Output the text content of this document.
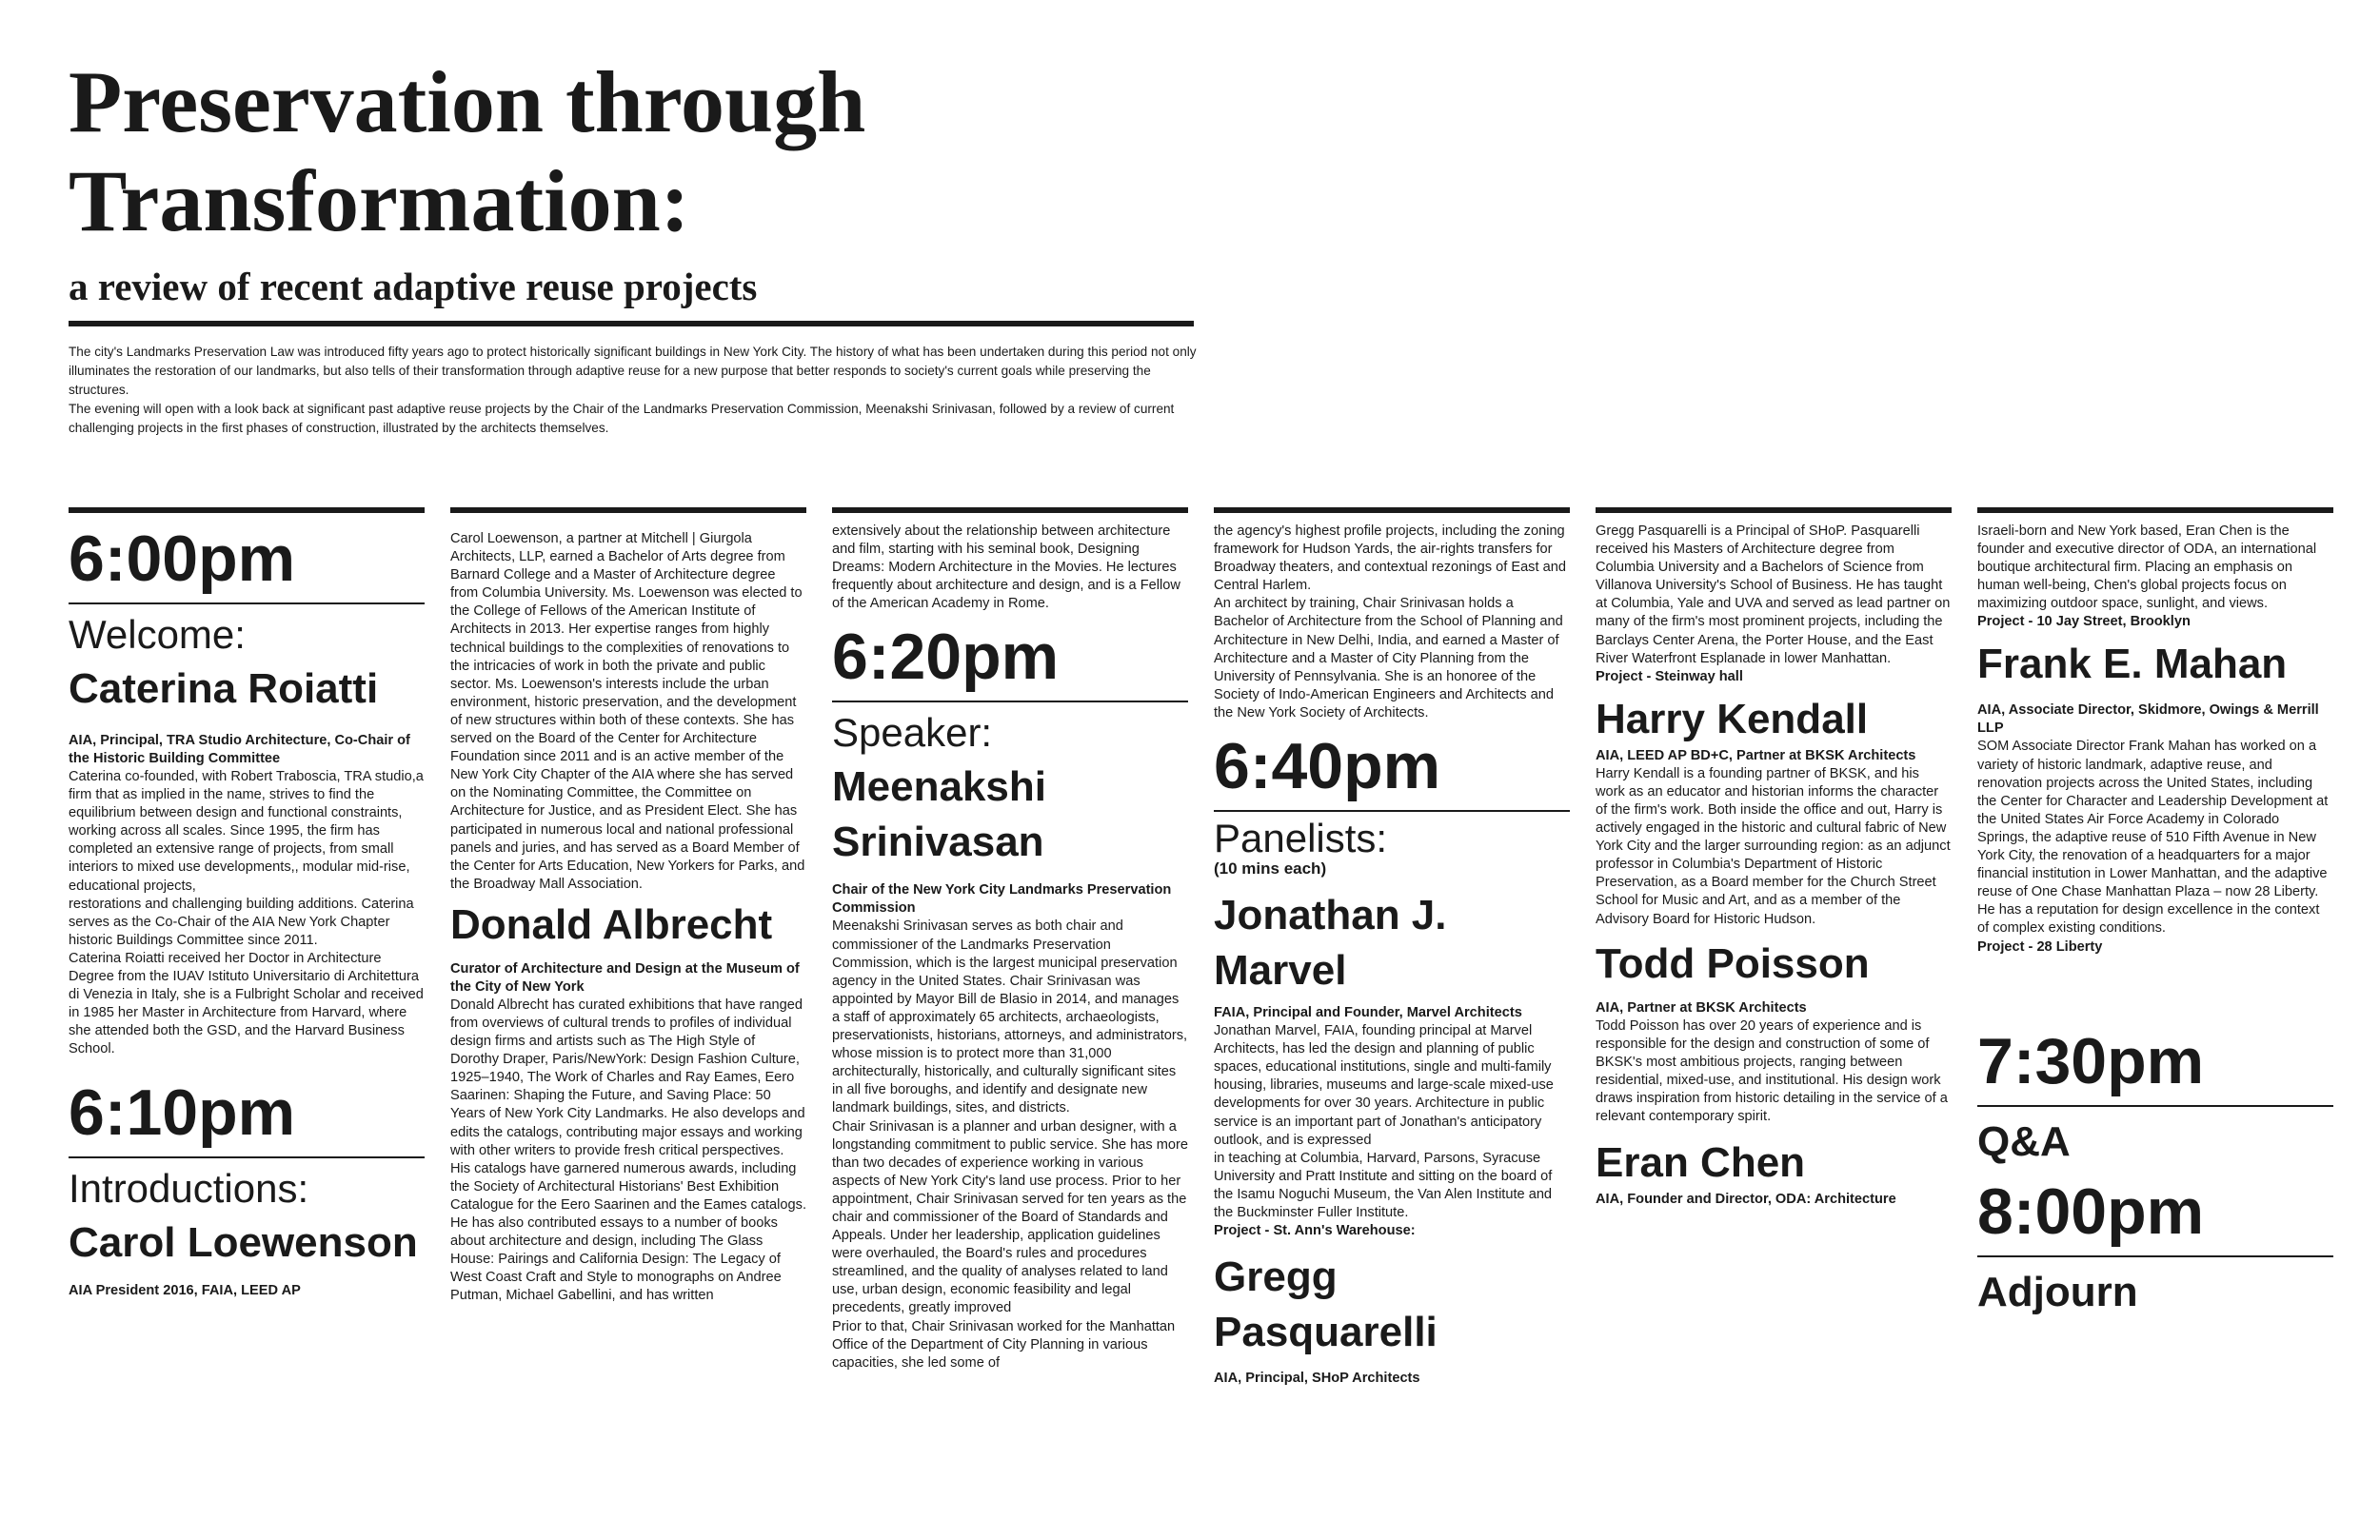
Preservation through Transformation:
a review of recent adaptive reuse projects

The city's Landmarks Preservation Law was introduced fifty years ago to protect historically significant buildings in New York City. The history of what has been undertaken during this period not only illuminates the restoration of our landmarks, but also tells of their transformation through adaptive reuse for a new purpose that better responds to society's current goals while preserving the structures.

The evening will open with a look back at significant past adaptive reuse projects by the Chair of the Landmarks Preservation Commission, Meenakshi Srinivasan, followed by a review of current challenging projects in the first phases of construction, illustrated by the architects themselves.

6:00pm
Welcome:
Caterina Roiatti
AIA, Principal, TRA Studio Architecture, Co-Chair of the Historic Building Committee

Caterina co-founded, with Robert Traboscia, TRA studio,a firm that as implied in the name, strives to find the equilibrium between design and functional constraints, working across all scales. Since 1995, the firm has completed an extensive range of projects, from small interiors to mixed use developments,, modular mid-rise, educational projects,

restorations and challenging building additions. Caterina serves as the Co-Chair of the AIA New York Chapter historic Buildings Committee since 2011.

Caterina Roiatti received her Doctor in Architecture Degree from the IUAV Istituto Universitario di Architettura di Venezia in Italy, she is a Fulbright Scholar and received in 1985 her Master in Architecture from Harvard, where she attended both the GSD, and the Harvard Business School.

6:10pm
Introductions:
Carol Loewenson
AIA President 2016, FAIA, LEED AP
Carol Loewenson, a partner at Mitchell | Giurgola Architects, LLP, earned a Bachelor of Arts degree from Barnard College and a Master of Architecture degree from Columbia University. Ms. Loewenson was elected to the College of Fellows of the American Institute of Architects in 2013. Her expertise ranges from highly technical buildings to the complexities of renovations to the intricacies of work in both the private and public sector. Ms. Loewenson's interests include the urban environment, historic preservation, and the development of new structures within both of these contexts. She has served on the Board of the Center for Architecture Foundation since 2011 and is an active member of the New York City Chapter of the AIA where she has served on the Nominating Committee, the Committee on Architecture for Justice, and as President Elect. She has participated in numerous local and national professional panels and juries, and has served as a Board Member of the Center for Arts Education, New Yorkers for Parks, and the Broadway Mall Association.
Donald Albrecht
Curator of Architecture and Design at the Museum of the City of New York
Donald Albrecht has curated exhibitions that have ranged from overviews of cultural trends to profiles of individual design firms and artists such as The High Style of Dorothy Draper, Paris/NewYork: Design Fashion Culture, 1925–1940, The Work of Charles and Ray Eames, Eero Saarinen: Shaping the Future, and Saving Place: 50 Years of New York City Landmarks. He also develops and edits the catalogs, contributing major essays and working with other writers to provide fresh critical perspectives. His catalogs have garnered numerous awards, including the Society of Architectural Historians' Best Exhibition Catalogue for the Eero Saarinen and the Eames catalogs. He has also contributed essays to a number of books about architecture and design, including The Glass House: Pairings and California Design: The Legacy of West Coast Craft and Style to monographs on Andree Putman, Michael Gabellini, and has written
extensively about the relationship between architecture and film, starting with his seminal book, Designing Dreams: Modern Architecture in the Movies. He lectures frequently about architecture and design, and is a Fellow of the American Academy in Rome.
6:20pm
Speaker:
Meenakshi Srinivasan
Chair of the New York City Landmarks Preservation Commission

Meenakshi Srinivasan serves as both chair and commissioner of the Landmarks Preservation Commission, which is the largest municipal preservation agency in the United States. Chair Srinivasan was appointed by Mayor Bill de Blasio in 2014, and manages a staff of approximately 65 architects, archaeologists, preservationists, historians, attorneys, and administrators, whose mission is to protect more than 31,000 architecturally, historically, and culturally significant sites in all five boroughs, and identify and designate new landmark buildings, sites, and districts.

Chair Srinivasan is a planner and urban designer, with a longstanding commitment to public service. She has more than two decades of experience working in various aspects of New York City's land use process. Prior to her appointment, Chair Srinivasan served for ten years as the chair and commissioner of the Board of Standards and Appeals. Under her leadership, application guidelines were overhauled, the Board's rules and procedures streamlined, and the quality of analyses related to land use, urban design, economic feasibility and legal precedents, greatly improved

Prior to that, Chair Srinivasan worked for the Manhattan Office of the Department of City Planning in various capacities, she led some of

the agency's highest profile projects, including the zoning framework for Hudson Yards, the air-rights transfers for Broadway theaters, and contextual rezonings of East and Central Harlem.

An architect by training, Chair Srinivasan holds a Bachelor of Architecture from the School of Planning and Architecture in New Delhi, India, and earned a Master of Architecture and a Master of City Planning from the University of Pennsylvania. She is an honoree of the Society of Indo-American Engineers and Architects and the New York Society of Architects.

6:40pm
Panelists:
(10 mins each)
Jonathan J. Marvel
FAIA, Principal and Founder, Marvel Architects

Jonathan Marvel, FAIA, founding principal at Marvel Architects, has led the design and planning of public spaces, educational institutions, single and multi-family housing, libraries, museums and large-scale mixed-use developments for over 30 years. Architecture in public service is an important part of Jonathan's anticipatory outlook, and is expressed

in teaching at Columbia, Harvard, Parsons, Syracuse University and Pratt Institute and sitting on the board of the Isamu Noguchi Museum, the Van Alen Institute and the Buckminster Fuller Institute.

Project - St. Ann's Warehouse:
Gregg Pasquarelli
AIA, Principal, SHoP Architects
Gregg Pasquarelli is a Principal of SHoP. Pasquarelli received his Masters of Architecture degree from Columbia University and a Bachelors of Science from Villanova University's School of Business. He has taught at Columbia, Yale and UVA and served as lead partner on many of the firm's most prominent projects, including the Barclays Center Arena, the Porter House, and the East River Waterfront Esplanade in lower Manhattan.
Project - Steinway hall
Harry Kendall
AIA, LEED AP BD+C, Partner at BKSK Architects
Harry Kendall is a founding partner of BKSK, and his work as an educator and historian informs the character of the firm's work. Both inside the office and out, Harry is actively engaged in the historic and cultural fabric of New York City and the larger surrounding region: as an adjunct professor in Columbia's Department of Historic Preservation, as a Board member for the Church Street School for Music and Art, and as a member of the Advisory Board for Historic Hudson.
Todd Poisson
AIA, Partner at BKSK Architects
Todd Poisson has over 20 years of experience and is responsible for the design and construction of some of BKSK's most ambitious projects, ranging between residential, mixed-use, and institutional. His design work draws inspiration from historic detailing in the service of a relevant contemporary spirit.
Eran Chen
AIA, Founder and Director, ODA: Architecture
Israeli-born and New York based, Eran Chen is the founder and executive director of ODA, an international boutique architectural firm. Placing an emphasis on human well-being, Chen's global projects focus on maximizing outdoor space, sunlight, and views.
Project - 10 Jay Street, Brooklyn
Frank E. Mahan
AIA, Associate Director, Skidmore, Owings & Merrill LLP
SOM Associate Director Frank Mahan has worked on a variety of historic landmark, adaptive reuse, and renovation projects across the United States, including the Center for Character and Leadership Development at the United States Air Force Academy in Colorado Springs, the adaptive reuse of 510 Fifth Avenue in New York City, the renovation of a headquarters for a major financial institution in Lower Manhattan, and the adaptive reuse of One Chase Manhattan Plaza – now 28 Liberty. He has a reputation for design excellence in the context of complex existing conditions.
Project - 28 Liberty
7:30pm
Q&A
8:00pm
Adjourn
